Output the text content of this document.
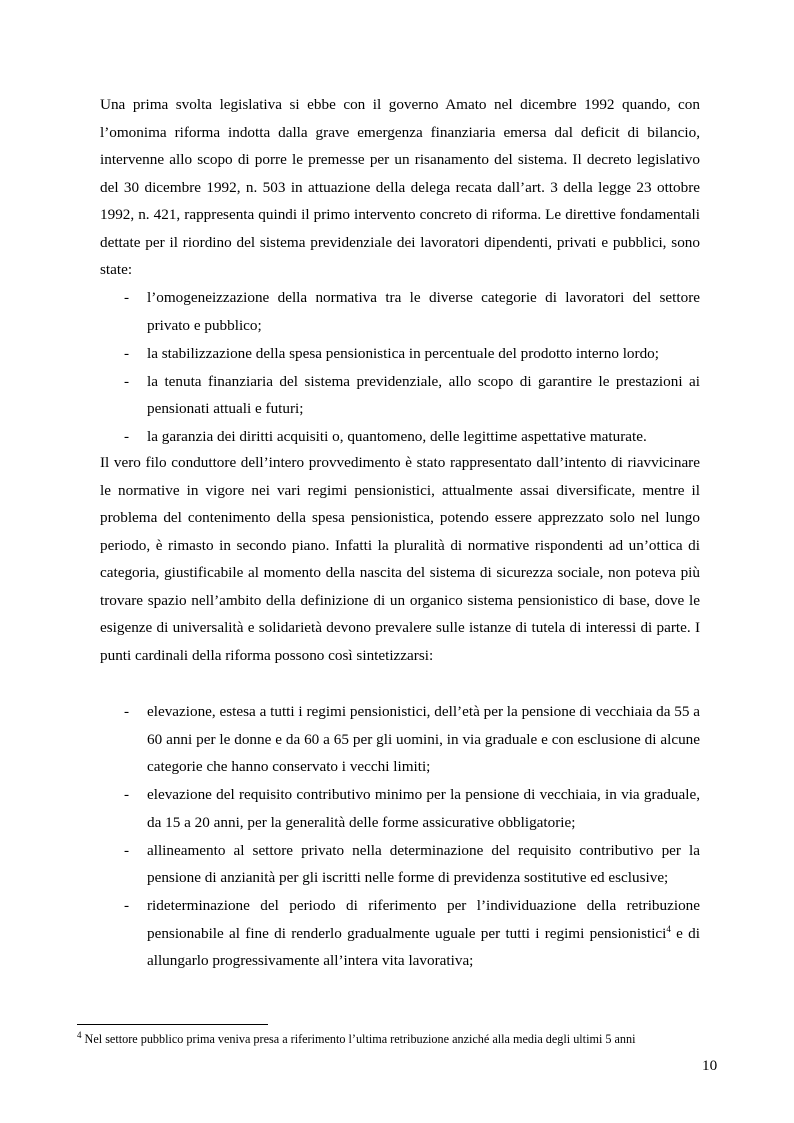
Una prima svolta legislativa si ebbe con il governo Amato nel dicembre 1992 quando, con l’omonima riforma indotta dalla grave emergenza finanziaria emersa dal deficit di bilancio, intervenne allo scopo di porre le premesse per un risanamento del sistema. Il decreto legislativo del 30 dicembre 1992, n. 503 in attuazione della delega recata dall’art. 3 della legge 23 ottobre 1992, n. 421, rappresenta quindi il primo intervento concreto di riforma. Le direttive fondamentali dettate per il riordino del sistema previdenziale dei lavoratori dipendenti, privati e pubblici, sono state:

- l’omogeneizzazione della normativa tra le diverse categorie di lavoratori del settore privato e pubblico;
- la stabilizzazione della spesa pensionistica in percentuale del prodotto interno lordo;
- la tenuta finanziaria del sistema previdenziale, allo scopo di garantire le prestazioni ai pensionati attuali e futuri;
- la garanzia dei diritti acquisiti o, quantomeno, delle legittime aspettative maturate.

Il vero filo conduttore dell’intero provvedimento è stato rappresentato dall’intento di riavvicinare le normative in vigore nei vari regimi pensionistici, attualmente assai diversificate, mentre il problema del contenimento della spesa pensionistica, potendo essere apprezzato solo nel lungo periodo, è rimasto in secondo piano. Infatti la pluralità di normative rispondenti ad un’ottica di categoria, giustificabile al momento della nascita del sistema di sicurezza sociale, non poteva più trovare spazio nell’ambito della definizione di un organico sistema pensionistico di base, dove le esigenze di universalità e solidarietà devono prevalere sulle istanze di tutela di interessi di parte. I punti cardinali della riforma possono così sintetizzarsi:

- elevazione, estesa a tutti i regimi pensionistici, dell’età per la pensione di vecchiaia da 55 a 60 anni per le donne e da 60 a 65 per gli uomini, in via graduale e con esclusione di alcune categorie che hanno conservato i vecchi limiti;
- elevazione del requisito contributivo minimo per la pensione di vecchiaia, in via graduale, da 15 a 20 anni, per la generalità delle forme assicurative obbligatorie;
- allineamento al settore privato nella determinazione del requisito contributivo per la pensione di anzianità per gli iscritti nelle forme di previdenza sostitutive ed esclusive;
- rideterminazione del periodo di riferimento per l’individuazione della retribuzione pensionabile al fine di renderlo gradualmente uguale per tutti i regimi pensionistici$^4$ e di allungarlo progressivamente all’intera vita lavorativa;
$^4$ Nel settore pubblico prima veniva presa a riferimento l’ultima retribuzione anziché alla media degli ultimi 5 anni
10
